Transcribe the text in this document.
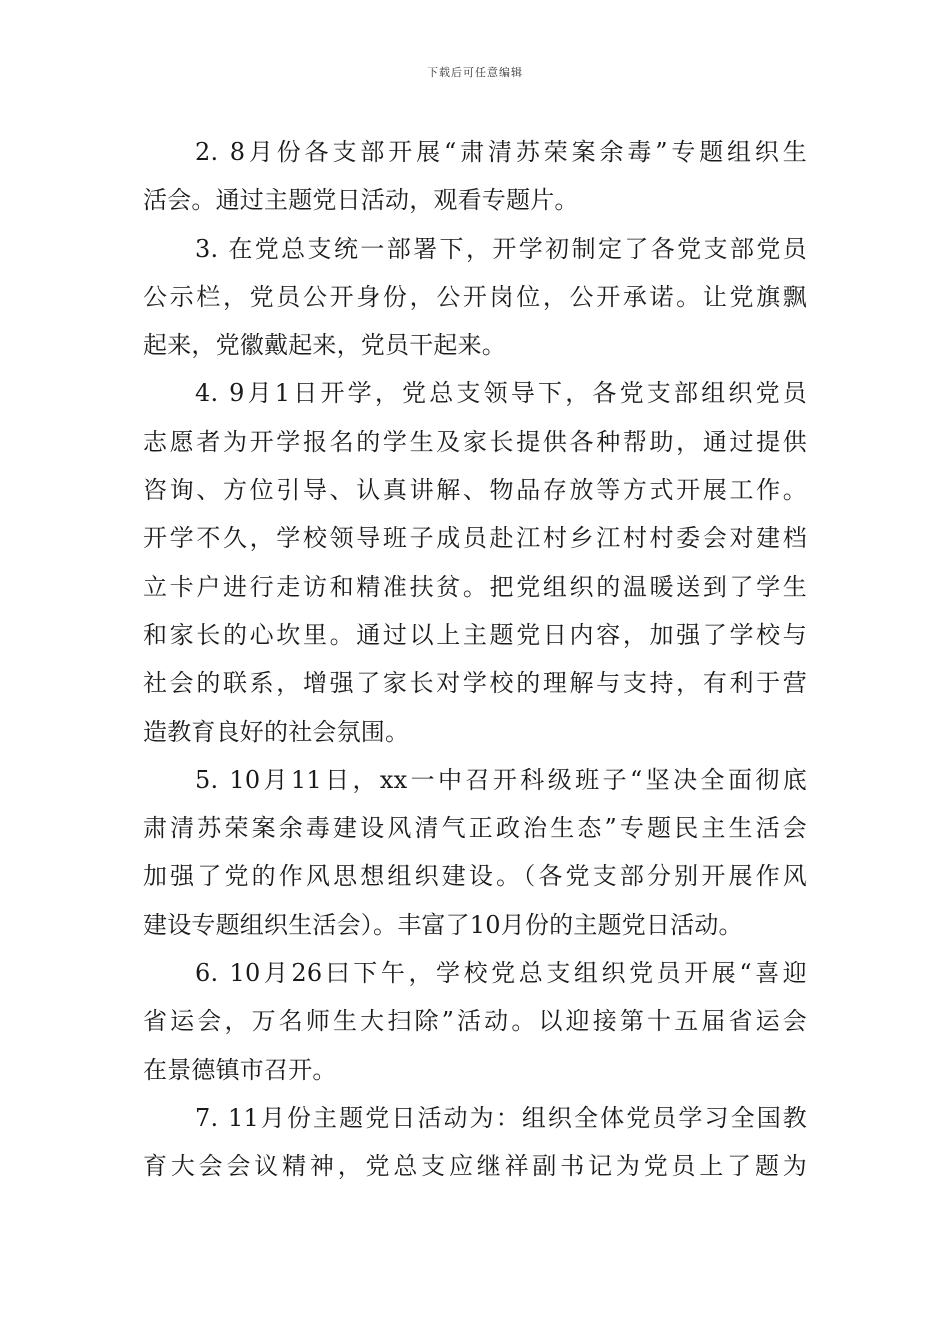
下载后可任意编辑
2. 8月份各支部开展“肃清苏荣案余毒”专题组织生
活会。通过主题党日活动，观看专题片。
3. 在党总支统一部署下，开学初制定了各党支部党员
公示栏，党员公开身份，公开岗位，公开承诺。让党旗飘
起来，党徽戴起来，党员干起来。
4. 9月1日开学，党总支领导下，各党支部组织党员
志愿者为开学报名的学生及家长提供各种帮助，通过提供
咨询、方位引导、认真讲解、物品存放等方式开展工作。
开学不久，学校领导班子成员赴江村乡江村村委会对建档
立卡户进行走访和精准扶贫。把党组织的温暖送到了学生
和家长的心坎里。通过以上主题党日内容，加强了学校与
社会的联系，增强了家长对学校的理解与支持，有利于营
造教育良好的社会氛围。
5. 10月11日，xx一中召开科级班子“坚决全面彻底
肃清苏荣案余毒建设风清气正政治生态”专题民主生活会
加强了党的作风思想组织建设。（各党支部分别开展作风
建设专题组织生活会）。丰富了10月份的主题党日活动。
6. 10月26曰下午，学校党总支组织党员开展“喜迎
省运会，万名师生大扫除”活动。以迎接第十五届省运会
在景德镇市召开。
7. 11月份主题党日活动为：组织全体党员学习全国教
育大会会议精神，党总支应继祥副书记为党员上了题为
